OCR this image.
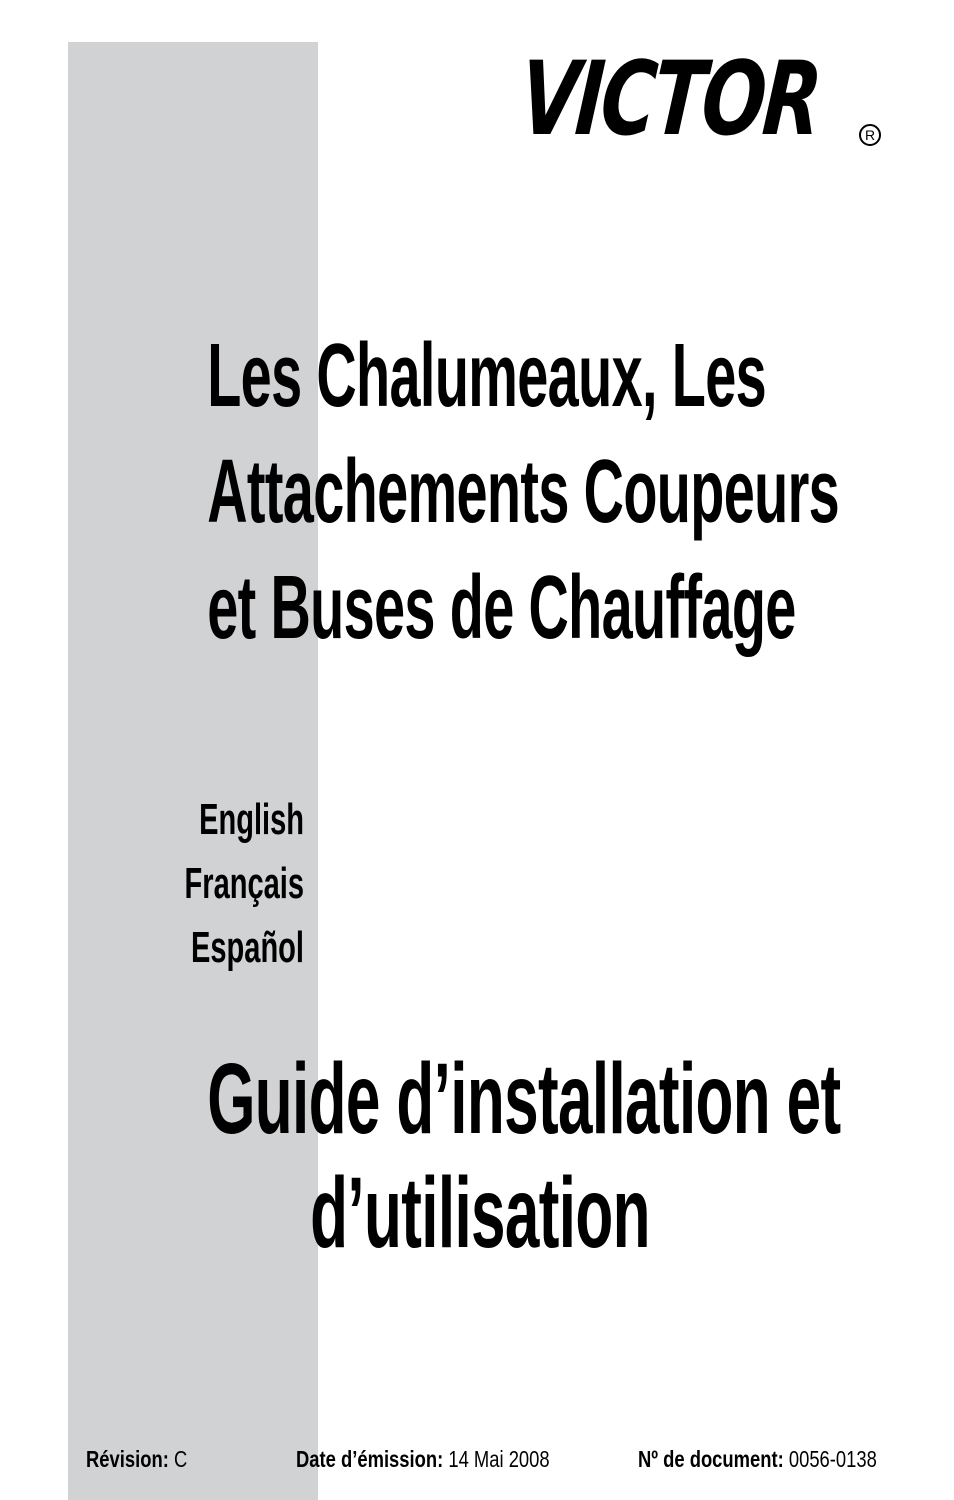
VICTOR	R
Les Chalumeaux, Les
Attachements Coupeurs
et Buses de Chauffage
English
Français
Español
Guide d’installation et
d’utilisation
Révision: C	Date d’émission: 14 Mai 2008	Nº de document: 0056-0138
